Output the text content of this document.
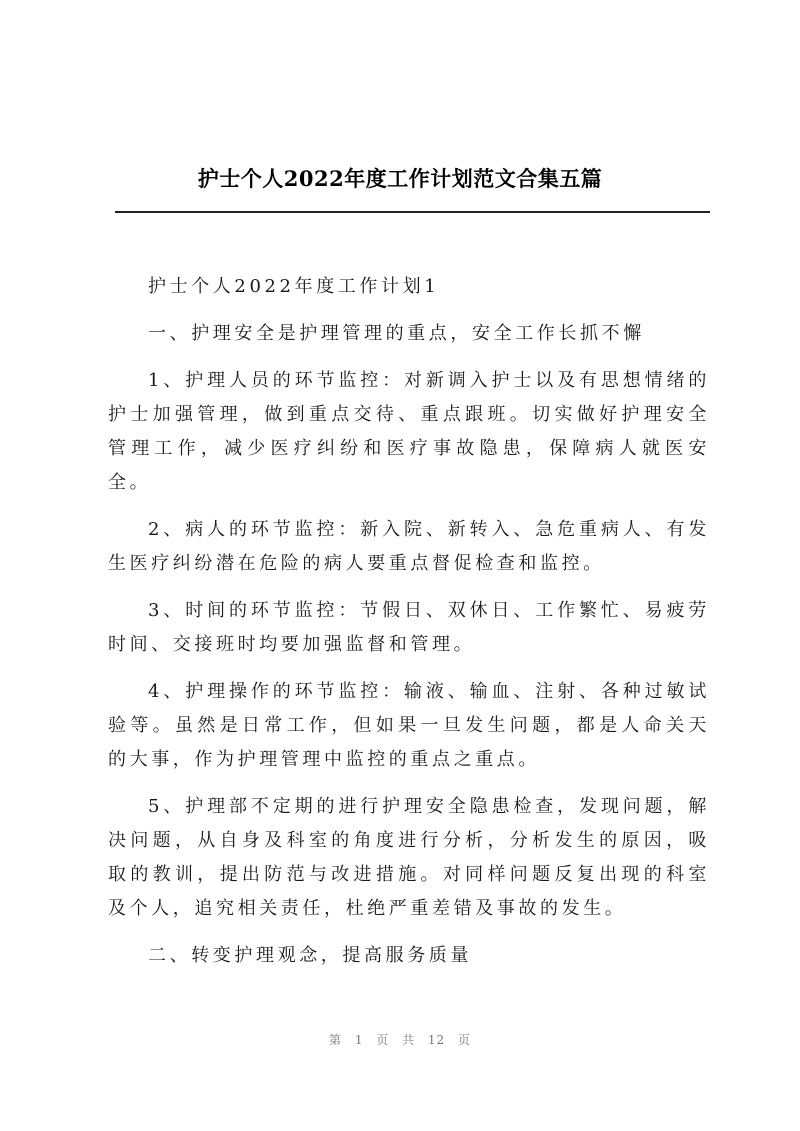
护士个人2022年度工作计划范文合集五篇

护士个人2022年度工作计划1

一、护理安全是护理管理的重点，安全工作长抓不懈

1、护理人员的环节监控：对新调入护士以及有思想情绪的护士加强管理，做到重点交待、重点跟班。切实做好护理安全管理工作，减少医疗纠纷和医疗事故隐患，保障病人就医安全。

2、病人的环节监控：新入院、新转入、急危重病人、有发生医疗纠纷潜在危险的病人要重点督促检查和监控。

3、时间的环节监控：节假日、双休日、工作繁忙、易疲劳时间、交接班时均要加强监督和管理。

4、护理操作的环节监控：输液、输血、注射、各种过敏试验等。虽然是日常工作，但如果一旦发生问题，都是人命关天的大事，作为护理管理中监控的重点之重点。

5、护理部不定期的进行护理安全隐患检查，发现问题，解决问题，从自身及科室的角度进行分析，分析发生的原因，吸取的教训，提出防范与改进措施。对同样问题反复出现的科室及个人，追究相关责任，杜绝严重差错及事故的发生。

二、转变护理观念，提高服务质量

第 1 页 共 12 页
